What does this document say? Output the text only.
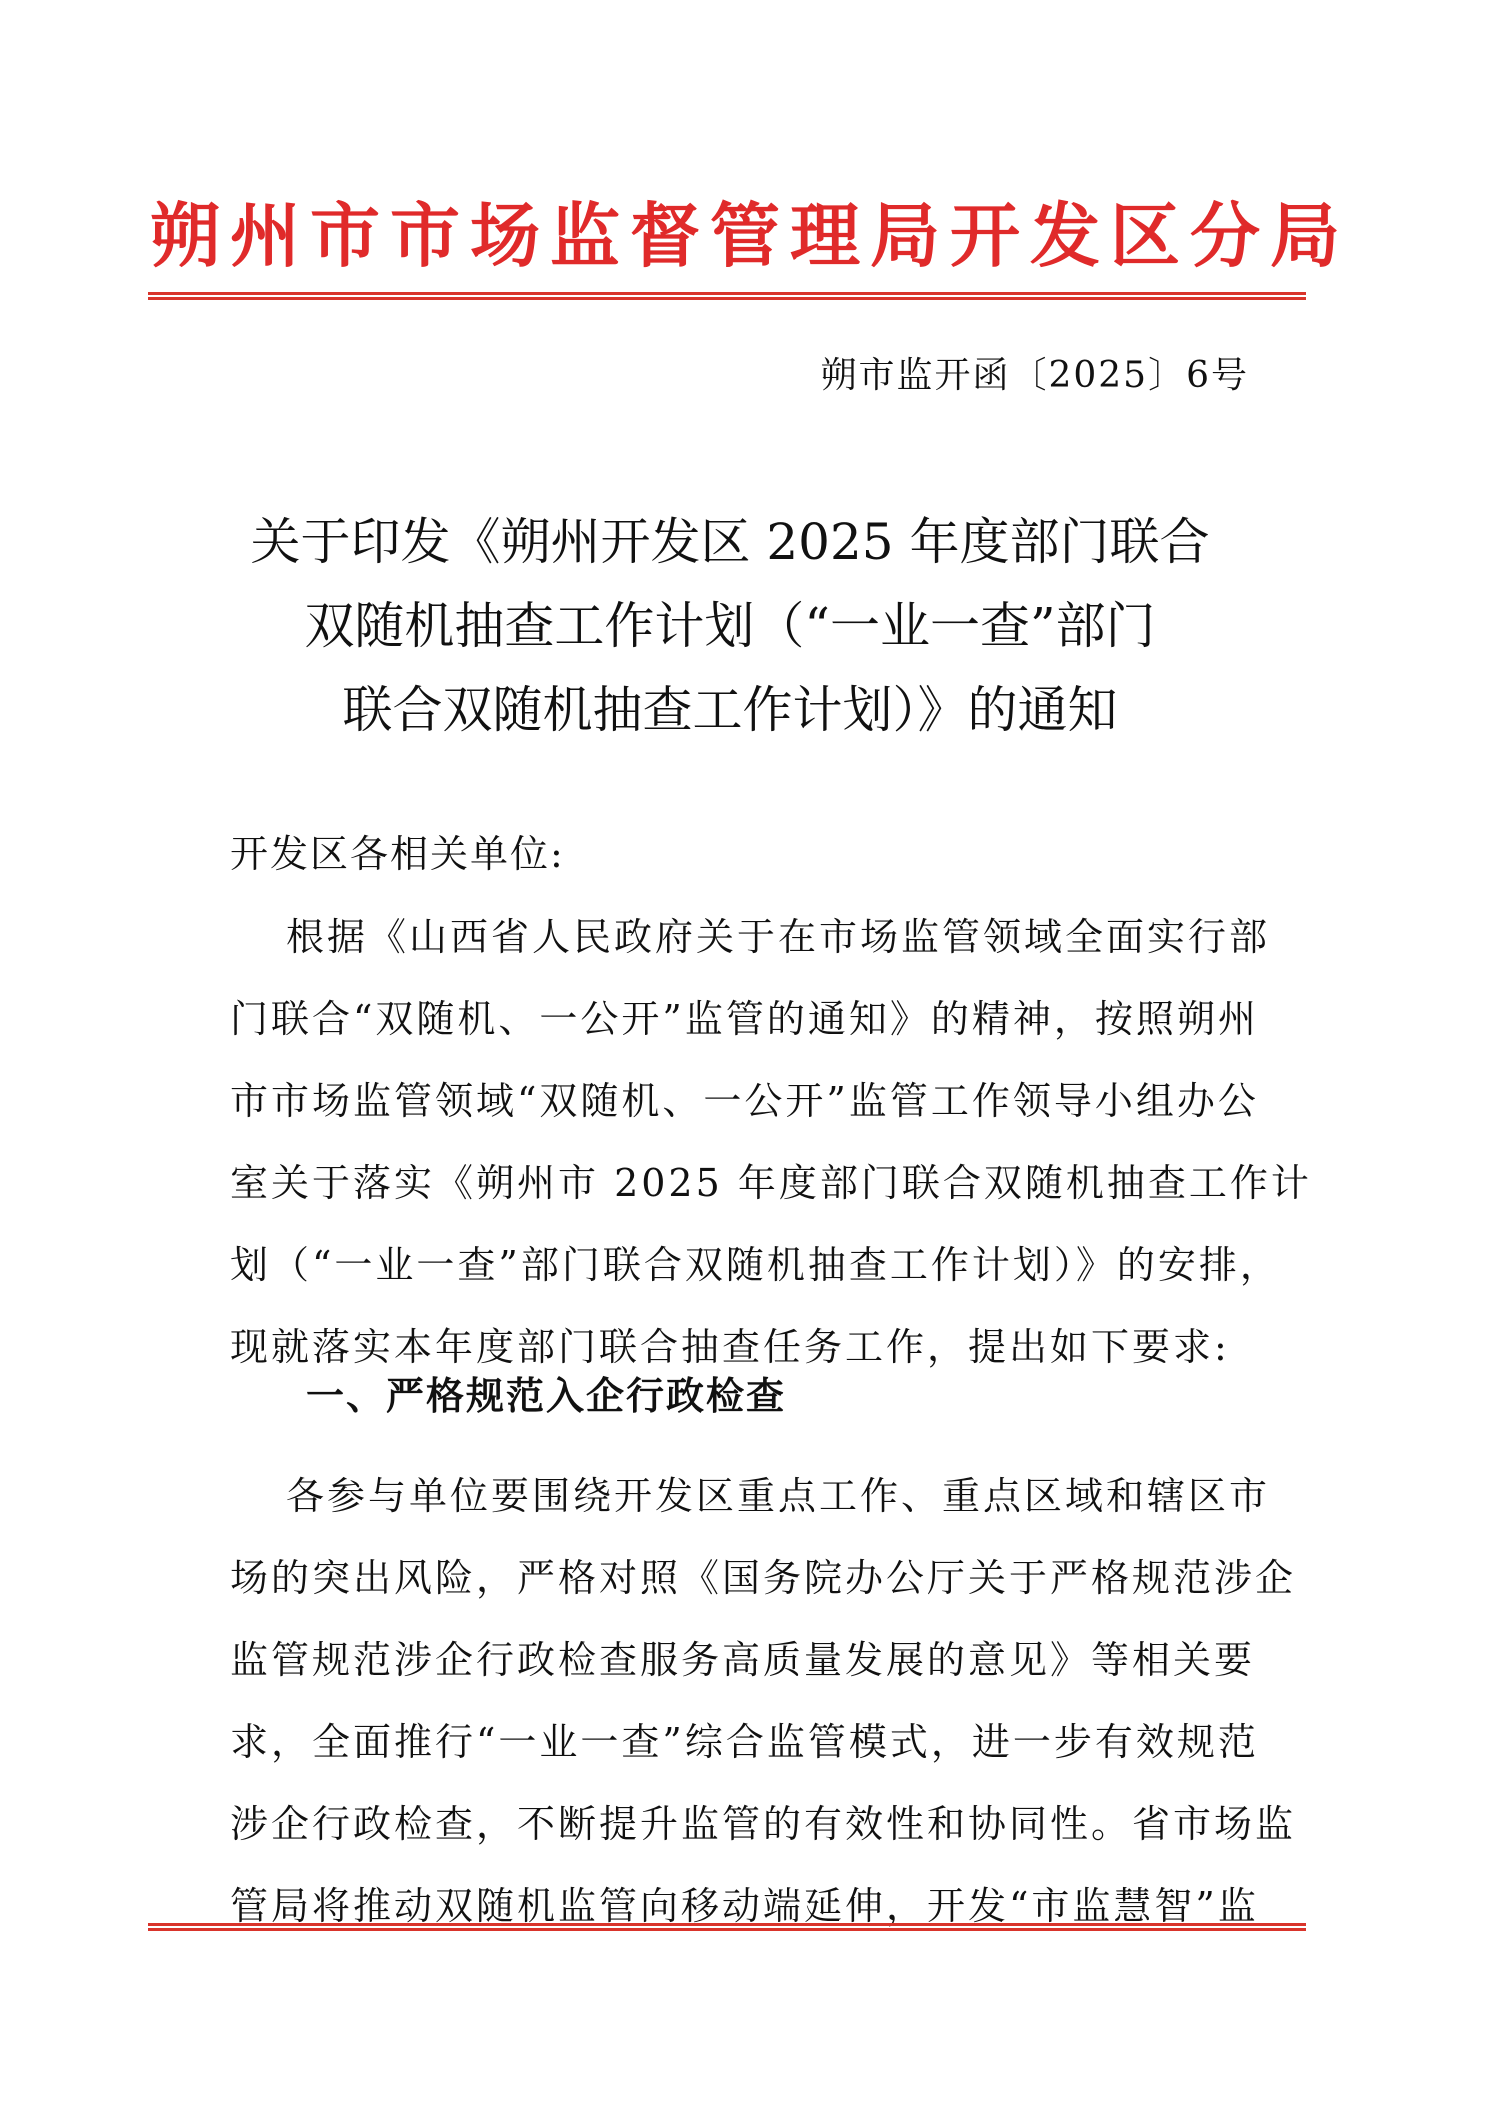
朔州市市场监督管理局开发区分局
朔市监开函〔2025〕6号
关于印发《朔州开发区 2025 年度部门联合
双随机抽查工作计划（“一业一查”部门
联合双随机抽查工作计划）》的通知
开发区各相关单位:
根据《山西省人民政府关于在市场监管领域全面实行部
门联合“双随机、一公开”监管的通知》的精神，按照朔州
市市场监管领域“双随机、一公开”监管工作领导小组办公
室关于落实《朔州市 2025 年度部门联合双随机抽查工作计
划（“一业一查”部门联合双随机抽查工作计划）》的安排，
现就落实本年度部门联合抽查任务工作，提出如下要求:
一、严格规范入企行政检查
各参与单位要围绕开发区重点工作、重点区域和辖区市
场的突出风险，严格对照《国务院办公厅关于严格规范涉企
监管规范涉企行政检查服务高质量发展的意见》等相关要
求，全面推行“一业一查”综合监管模式，进一步有效规范
涉企行政检查，不断提升监管的有效性和协同性。省市场监
管局将推动双随机监管向移动端延伸，开发“市监慧智”监
